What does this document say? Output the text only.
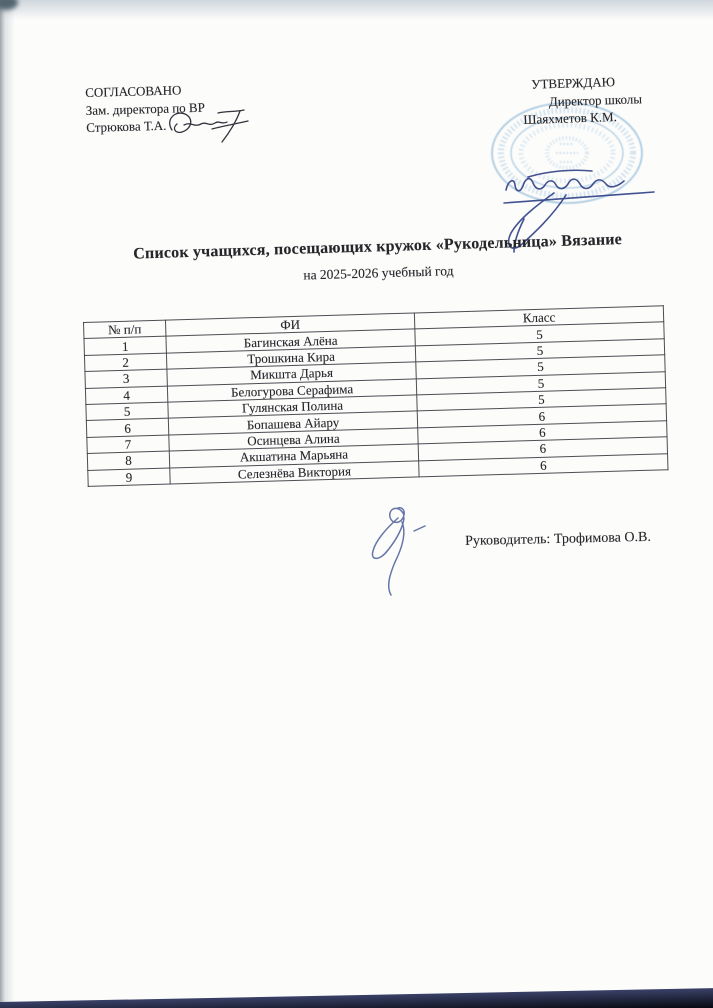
СОГЛАСОВАНО
Зам. директора по ВР
Стрюкова Т.А.
УТВЕРЖДАЮ
Директор школы
Шаяхметов К.М.
Список учащихся, посещающих кружок «Рукодельница» Вязание
на 2025-2026 учебный год
№ п/п	ФИ	Класс
1	Багинская Алёна	5
2	Трошкина Кира	5
3	Микшта Дарья	5
4	Белогурова Серафима	5
5	Гулянская Полина	5
6	Бопашева Айару	6
7	Осинцева Алина	6
8	Акшатина Марьяна	6
9	Селезнёва Виктория	6
Руководитель: Трофимова О.В.
